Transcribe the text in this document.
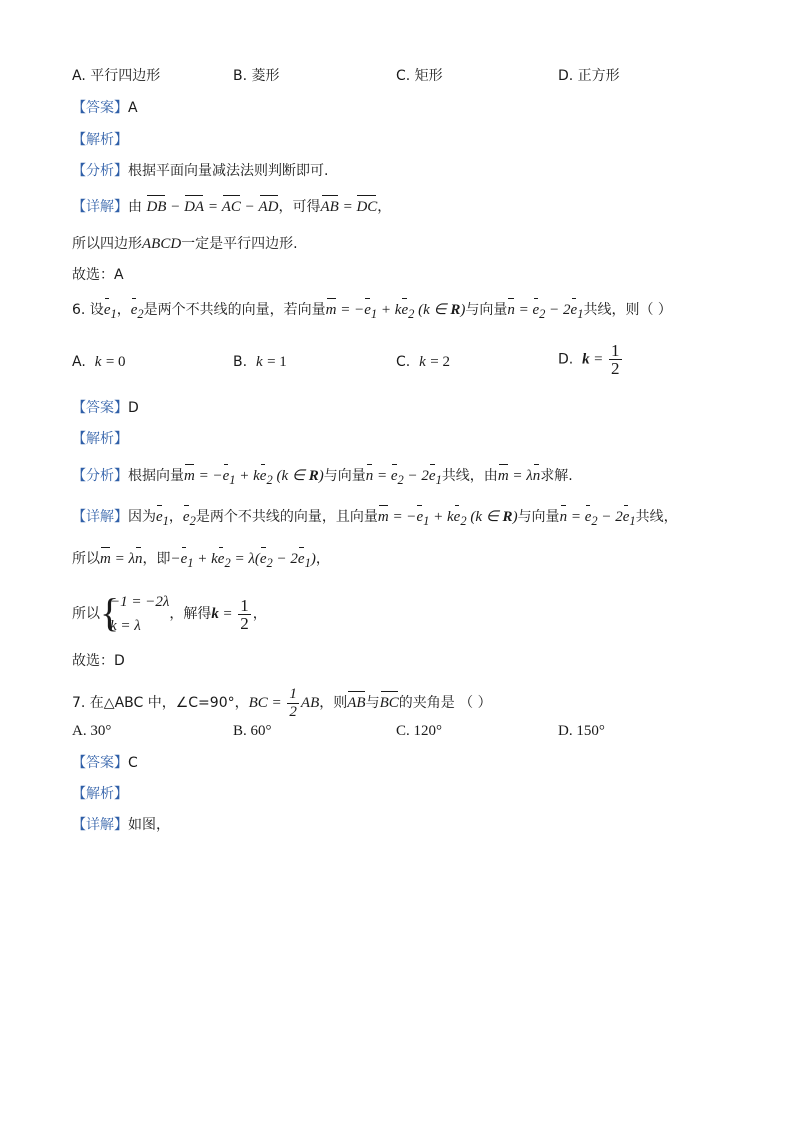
A. 平行四边形	B. 菱形	C. 矩形	D. 正方形
【答案】A
【解析】
【分析】根据平面向量减法法则判断即可.
【详解】由 DB − DA = AC − AD，可得AB = DC，
所以四边形ABCD一定是平行四边形.
故选：A
6. 设$e_1$，$e_2$是两个不共线的向量，若向量$m = -e_1 + ke_2$ (k ∈ R)与向量$n = e_2 - 2e_1$共线，则（ ）
A. k = 0	B. k = 1	C. k = 2	D. $k = \frac{1}{2}$
【答案】D
【解析】
【分析】根据向量$m = -e_1 + ke_2$ (k ∈ R)与向量$n = e_2 - 2e_1$共线，由m = λn求解.
【详解】因为$e_1$，$e_2$是两个不共线的向量，且向量$m = -e_1 + ke_2$ (k ∈ R)与向量$n = e_2 - 2e_1$共线，
所以m = λn，即$-e_1 + ke_2 = \lambda(e_2 - 2e_1)$，
所以 {
−1 = −2λ
k = λ
，解得$k = \frac{1}{2}$ ，
故选：D
7. 在△ABC 中，∠C=90°，BC = $\frac{1}{2}$ AB，则AB与BC的夹角是 （ ）
A. 30°	B. 60°	C. 120°	D. 150°
【答案】C
【解析】
【详解】如图，
